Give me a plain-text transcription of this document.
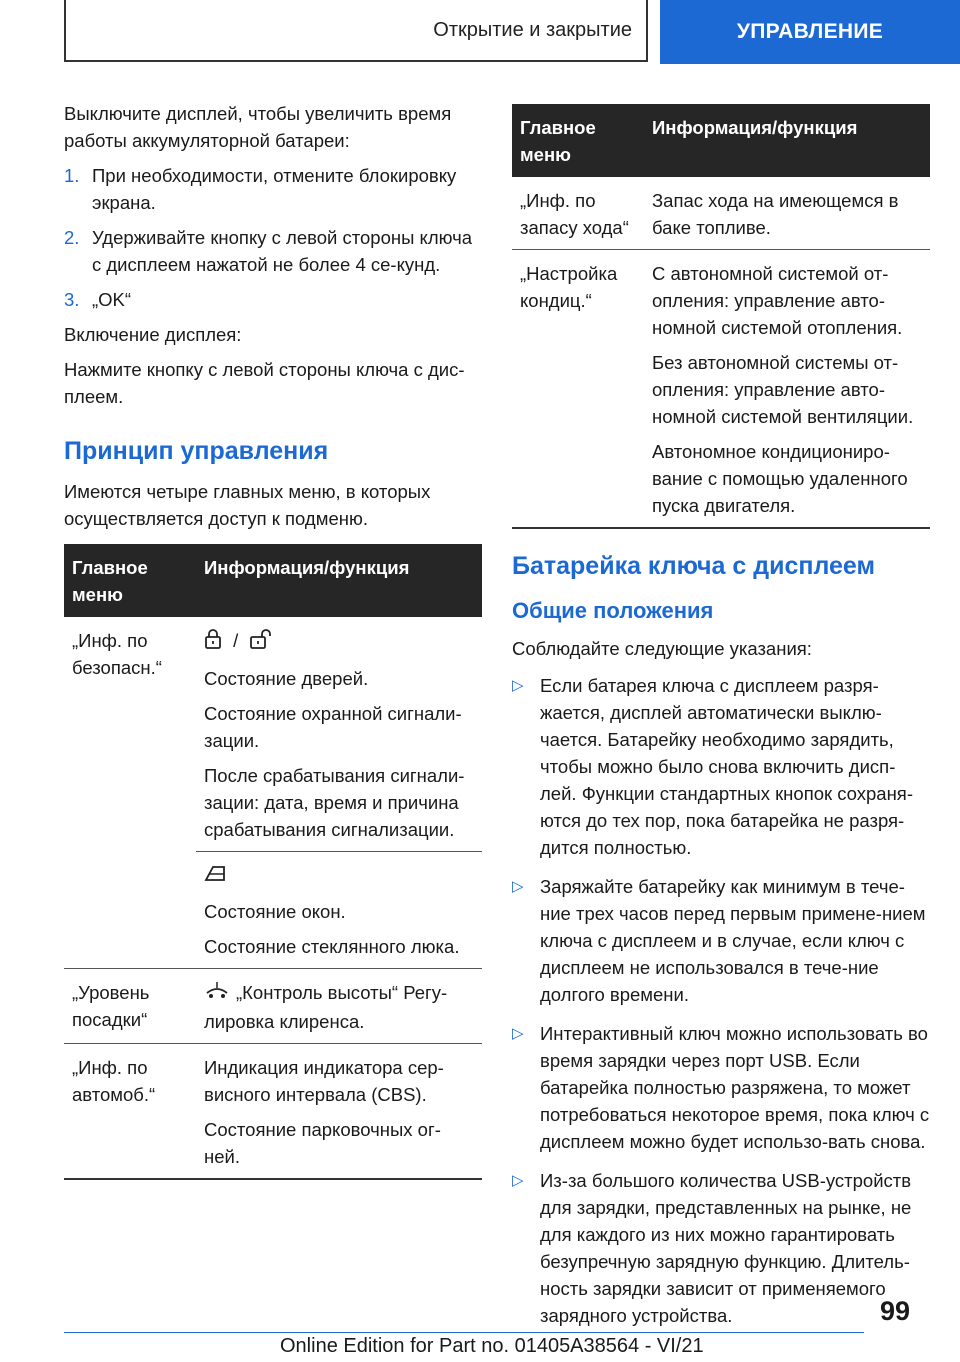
Открытие и закрытие	УПРАВЛЕНИЕ

Выключите дисплей, чтобы увеличить время работы аккумуляторной батареи:

1. При необходимости, отмените блокировку экрана.
2. Удерживайте кнопку с левой стороны ключа с дисплеем нажатой не более 4 се-кунд.
3. „OK“

Включение дисплея:

Нажмите кнопку с левой стороны ключа с дис-плеем.

Принцип управления

Имеются четыре главных меню, в которых осуществляется доступ к подменю.

Главное меню	Информация/функция
„Инф. по безопасн.“	/
Состояние дверей.
Состояние охранной сигнали-зации.
После срабатывания сигнали-зации: дата, время и причина срабатывания сигнализации.

	Состояние окон.
Состояние стеклянного люка.

„Уровень посадки“	„Контроль высоты“ Регу-лировка клиренса.
„Инф. по автомоб.“	Индикация индикатора сер-висного интервала (CBS).
Состояние парковочных ог-ней.
Главное меню	Информация/функция
„Инф. по запасу хода“	Запас хода на имеющемся в баке топливе.
„Настройка кондиц.“	С автономной системой от-опления: управление авто-номной системой отопления.
Без автономной системы от-опления: управление авто-номной системой вентиляции.
Автономное кондициониро-вание с помощью удаленного пуска двигателя.
Батарейка ключа с дисплеем
Общие положения

Соблюдайте следующие указания:

▷ Если батарея ключа с дисплеем разря-жается, дисплей автоматически выклю-чается. Батарейку необходимо зарядить, чтобы можно было снова включить дисп-лей. Функции стандартных кнопок сохраня-ются до тех пор, пока батарейка не разря-дится полностью.
▷ Заряжайте батарейку как минимум в тече-ние трех часов перед первым примене-нием ключа с дисплеем и в случае, если ключ с дисплеем не использовался в тече-ние долгого времени.
▷ Интерактивный ключ можно использовать во время зарядки через порт USB. Если батарейка полностью разряжена, то может потребоваться некоторое время, пока ключ с дисплеем можно будет использо-вать снова.
▷ Из-за большого количества USB-устройств для зарядки, представленных на рынке, не для каждого из них можно гарантировать безупречную зарядную функцию. Длитель-ность зарядки зависит от применяемого зарядного устройства.	99
Online Edition for Part no. 01405A38564 - VI/21
